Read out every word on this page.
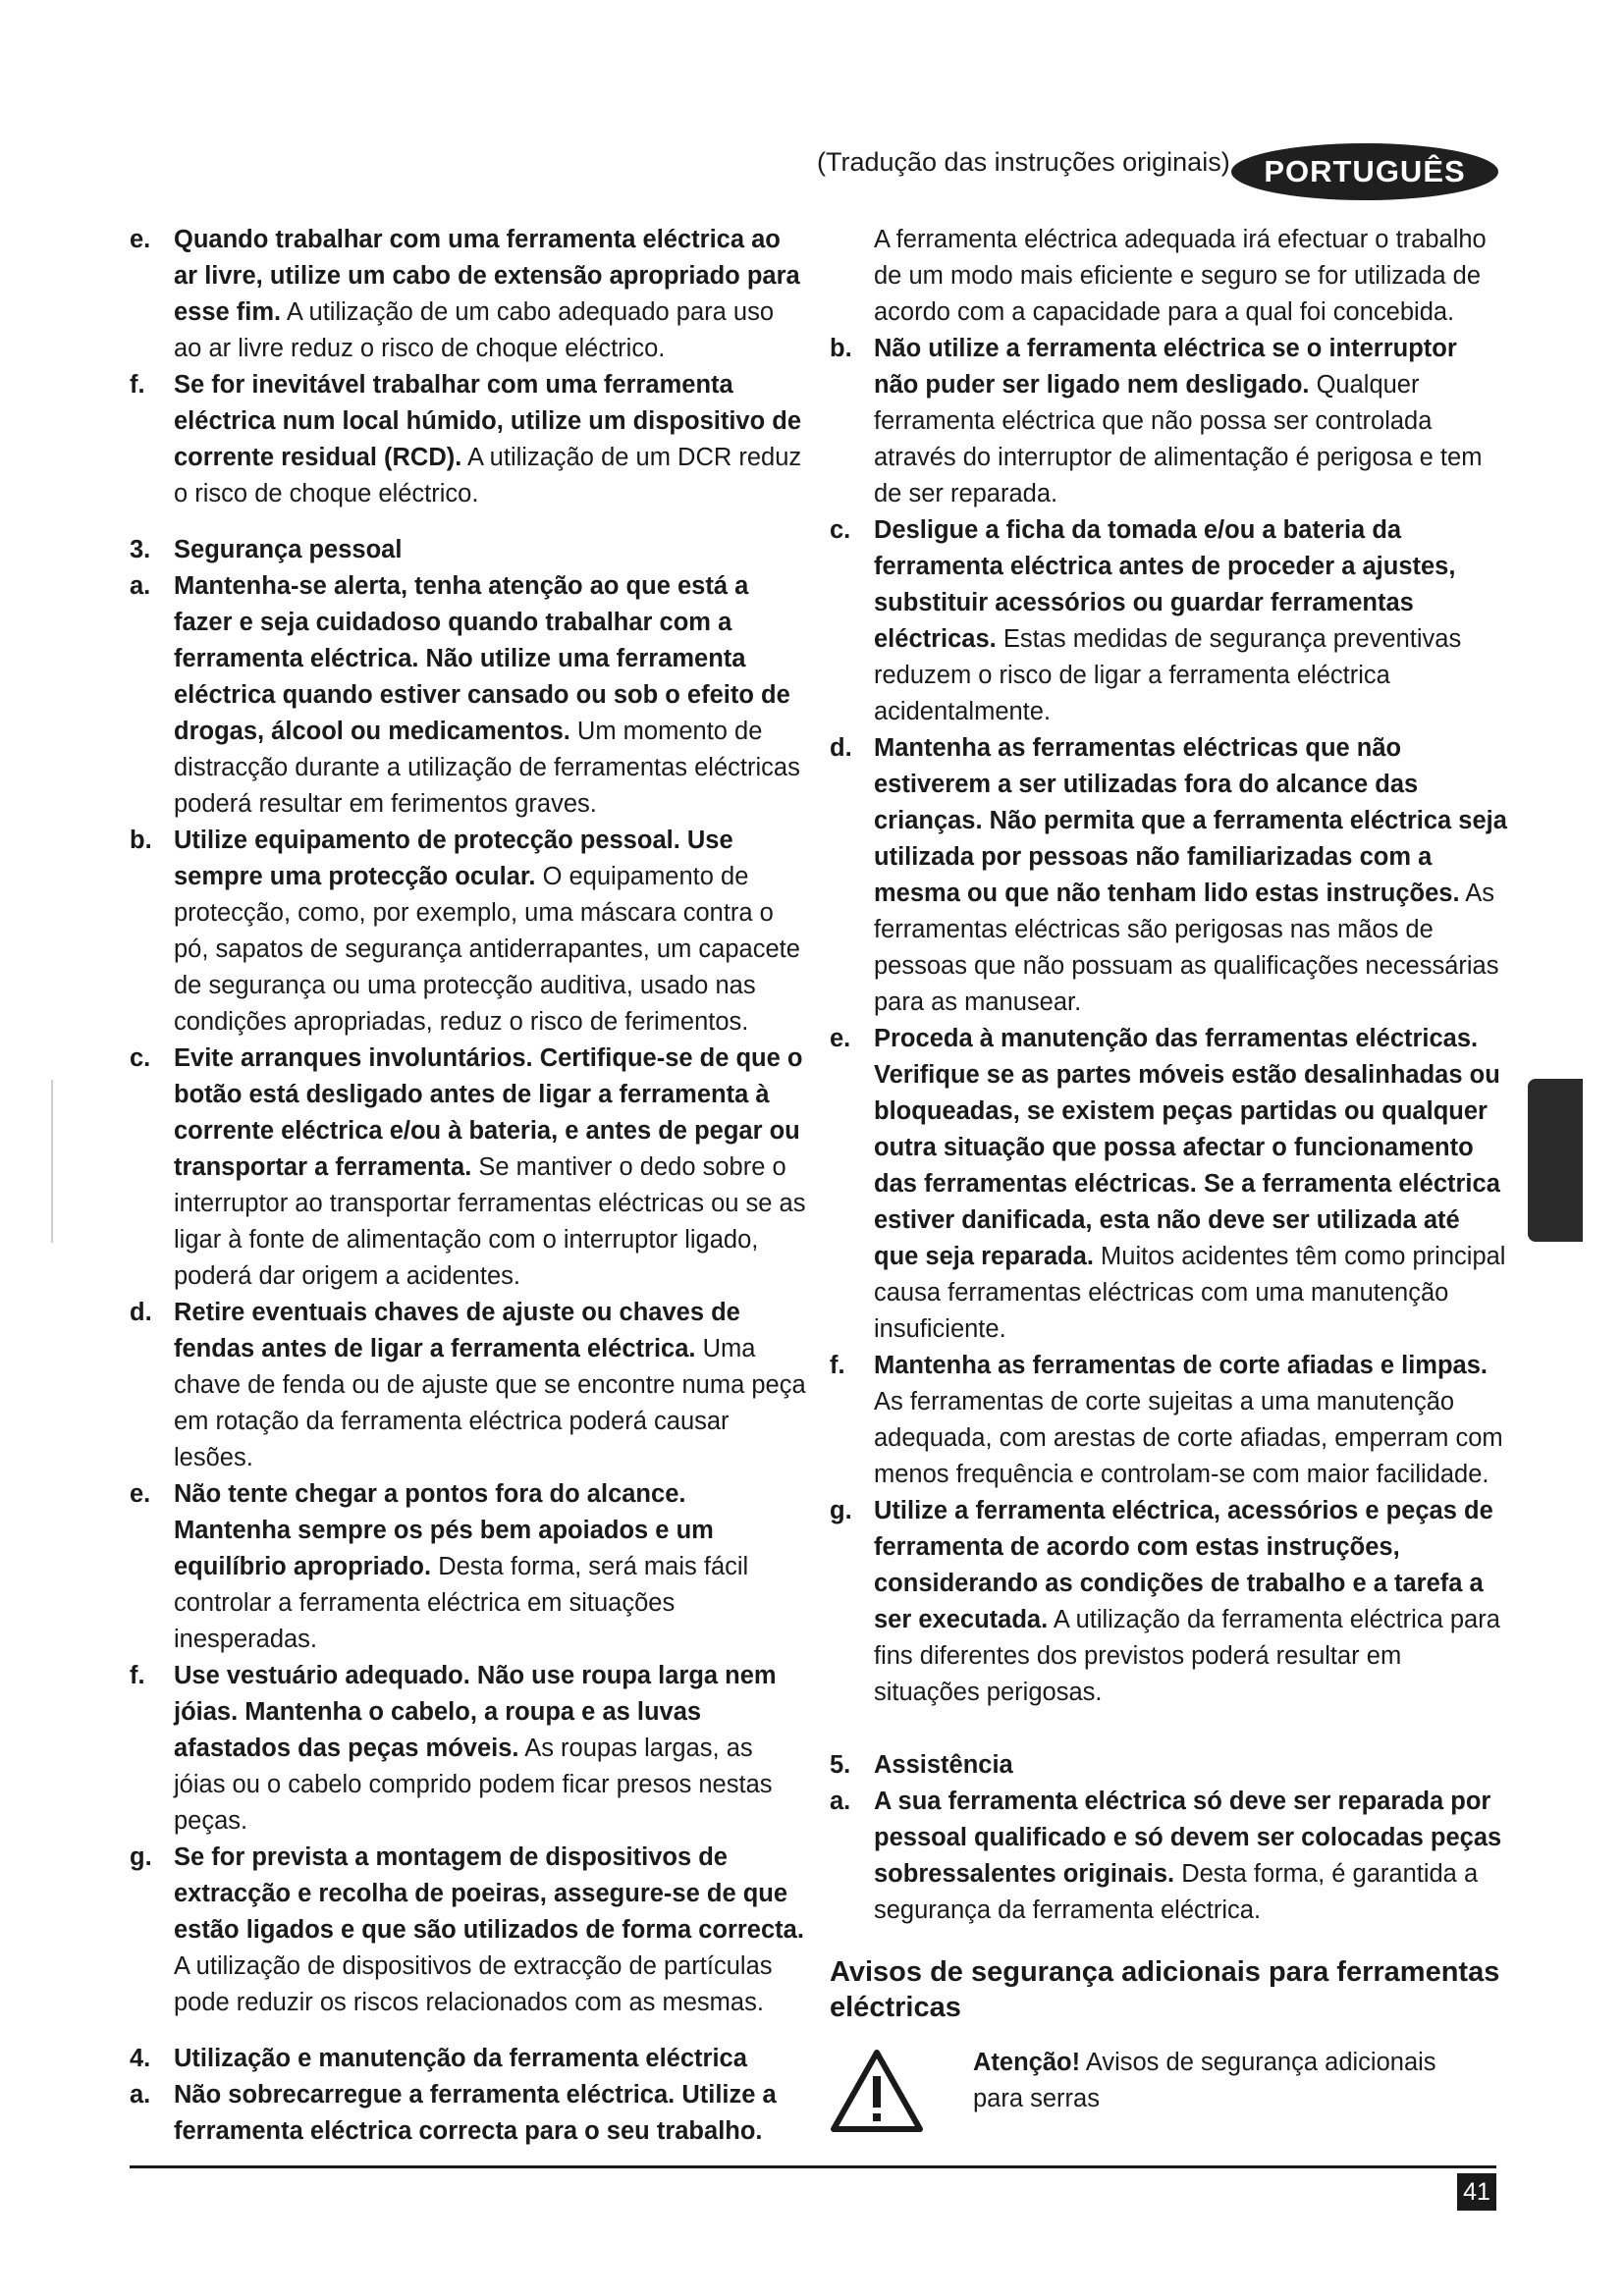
(Tradução das instruções originais)	PORTUGUÊS
e. Quando trabalhar com uma ferramenta eléctrica ao ar livre, utilize um cabo de extensão apropriado para esse fim. A utilização de um cabo adequado para uso ao ar livre reduz o risco de choque eléctrico.
f. Se for inevitável trabalhar com uma ferramenta eléctrica num local húmido, utilize um dispositivo de corrente residual (RCD). A utilização de um DCR reduz o risco de choque eléctrico.
3. Segurança pessoal
a. Mantenha-se alerta, tenha atenção ao que está a fazer e seja cuidadoso quando trabalhar com a ferramenta eléctrica. Não utilize uma ferramenta eléctrica quando estiver cansado ou sob o efeito de drogas, álcool ou medicamentos. Um momento de distracção durante a utilização de ferramentas eléctricas poderá resultar em ferimentos graves.
b. Utilize equipamento de protecção pessoal. Use sempre uma protecção ocular. O equipamento de protecção, como, por exemplo, uma máscara contra o pó, sapatos de segurança antiderrapantes, um capacete de segurança ou uma protecção auditiva, usado nas condições apropriadas, reduz o risco de ferimentos.
c. Evite arranques involuntários. Certifique-se de que o botão está desligado antes de ligar a ferramenta à corrente eléctrica e/ou à bateria, e antes de pegar ou transportar a ferramenta. Se mantiver o dedo sobre o interruptor ao transportar ferramentas eléctricas ou se as ligar à fonte de alimentação com o interruptor ligado, poderá dar origem a acidentes.
d. Retire eventuais chaves de ajuste ou chaves de fendas antes de ligar a ferramenta eléctrica. Uma chave de fenda ou de ajuste que se encontre numa peça em rotação da ferramenta eléctrica poderá causar lesões.
e. Não tente chegar a pontos fora do alcance. Mantenha sempre os pés bem apoiados e um equilíbrio apropriado. Desta forma, será mais fácil controlar a ferramenta eléctrica em situações inesperadas.
f. Use vestuário adequado. Não use roupa larga nem jóias. Mantenha o cabelo, a roupa e as luvas afastados das peças móveis. As roupas largas, as jóias ou o cabelo comprido podem ficar presos nestas peças.
g. Se for prevista a montagem de dispositivos de extracção e recolha de poeiras, assegure-se de que estão ligados e que são utilizados de forma correcta. A utilização de dispositivos de extracção de partículas pode reduzir os riscos relacionados com as mesmas.
4. Utilização e manutenção da ferramenta eléctrica
a. Não sobrecarregue a ferramenta eléctrica. Utilize a ferramenta eléctrica correcta para o seu trabalho.
A ferramenta eléctrica adequada irá efectuar o trabalho de um modo mais eficiente e seguro se for utilizada de acordo com a capacidade para a qual foi concebida.
b. Não utilize a ferramenta eléctrica se o interruptor não puder ser ligado nem desligado. Qualquer ferramenta eléctrica que não possa ser controlada através do interruptor de alimentação é perigosa e tem de ser reparada.
c. Desligue a ficha da tomada e/ou a bateria da ferramenta eléctrica antes de proceder a ajustes, substituir acessórios ou guardar ferramentas eléctricas. Estas medidas de segurança preventivas reduzem o risco de ligar a ferramenta eléctrica acidentalmente.
d. Mantenha as ferramentas eléctricas que não estiverem a ser utilizadas fora do alcance das crianças. Não permita que a ferramenta eléctrica seja utilizada por pessoas não familiarizadas com a mesma ou que não tenham lido estas instruções. As ferramentas eléctricas são perigosas nas mãos de pessoas que não possuam as qualificações necessárias para as manusear.
e. Proceda à manutenção das ferramentas eléctricas. Verifique se as partes móveis estão desalinhadas ou bloqueadas, se existem peças partidas ou qualquer outra situação que possa afectar o funcionamento das ferramentas eléctricas. Se a ferramenta eléctrica estiver danificada, esta não deve ser utilizada até que seja reparada. Muitos acidentes têm como principal causa ferramentas eléctricas com uma manutenção insuficiente.
f. Mantenha as ferramentas de corte afiadas e limpas. As ferramentas de corte sujeitas a uma manutenção adequada, com arestas de corte afiadas, emperram com menos frequência e controlam-se com maior facilidade.
g. Utilize a ferramenta eléctrica, acessórios e peças de ferramenta de acordo com estas instruções, considerando as condições de trabalho e a tarefa a ser executada. A utilização da ferramenta eléctrica para fins diferentes dos previstos poderá resultar em situações perigosas.
5. Assistência
a. A sua ferramenta eléctrica só deve ser reparada por pessoal qualificado e só devem ser colocadas peças sobressalentes originais. Desta forma, é garantida a segurança da ferramenta eléctrica.
Avisos de segurança adicionais para ferramentas eléctricas
Atenção! Avisos de segurança adicionais para serras
41
